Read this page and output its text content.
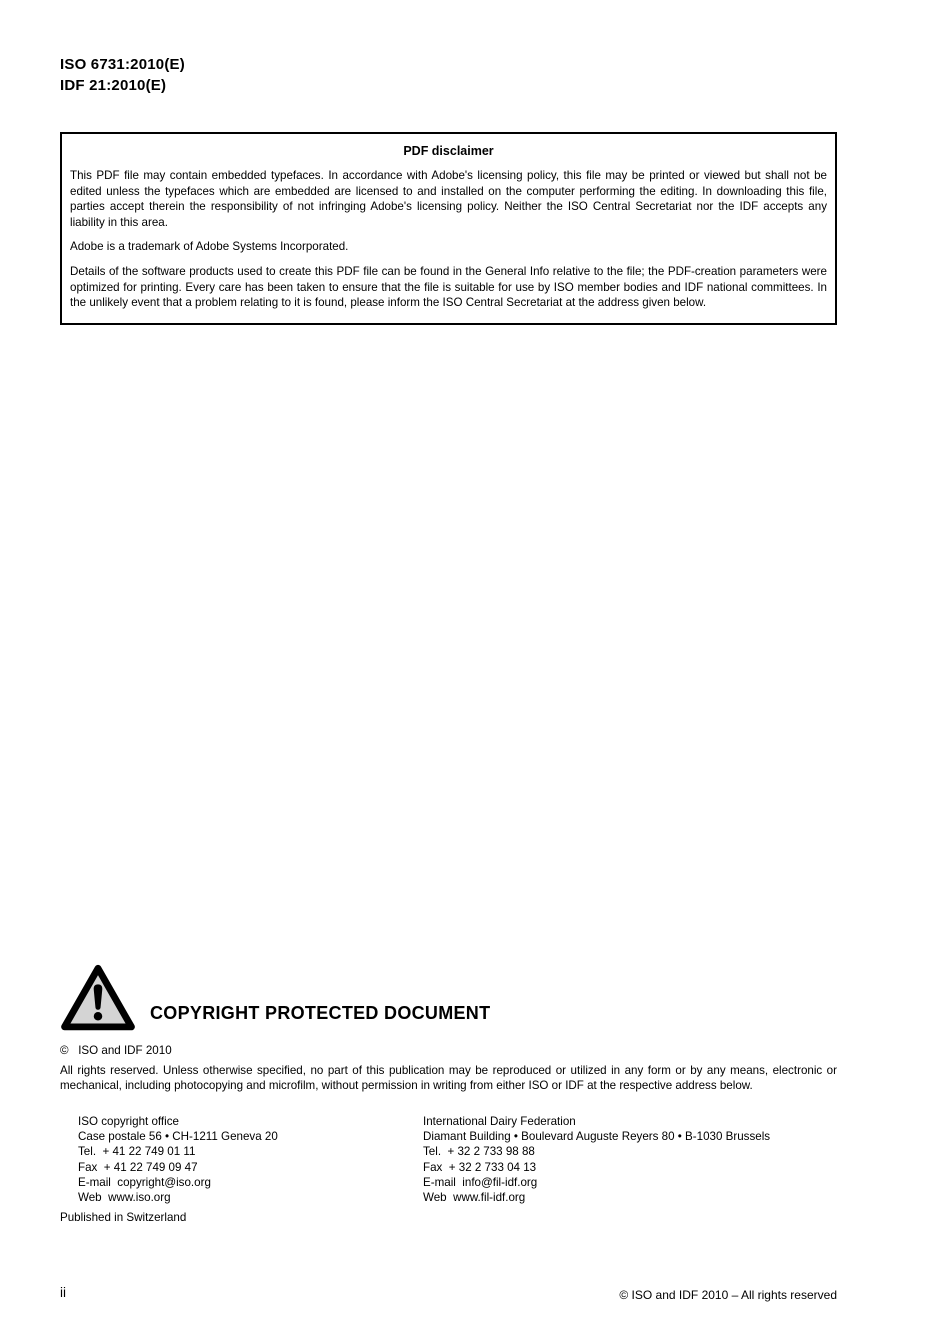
ISO 6731:2010(E)
IDF 21:2010(E)
PDF disclaimer

This PDF file may contain embedded typefaces. In accordance with Adobe's licensing policy, this file may be printed or viewed but shall not be edited unless the typefaces which are embedded are licensed to and installed on the computer performing the editing. In downloading this file, parties accept therein the responsibility of not infringing Adobe's licensing policy. Neither the ISO Central Secretariat nor the IDF accepts any liability in this area.

Adobe is a trademark of Adobe Systems Incorporated.

Details of the software products used to create this PDF file can be found in the General Info relative to the file; the PDF-creation parameters were optimized for printing. Every care has been taken to ensure that the file is suitable for use by ISO member bodies and IDF national committees. In the unlikely event that a problem relating to it is found, please inform the ISO Central Secretariat at the address given below.

COPYRIGHT PROTECTED DOCUMENT
©   ISO and IDF 2010

All rights reserved. Unless otherwise specified, no part of this publication may be reproduced or utilized in any form or by any means, electronic or mechanical, including photocopying and microfilm, without permission in writing from either ISO or IDF at the respective address below.

ISO copyright office
Case postale 56 • CH-1211 Geneva 20
Tel.  + 41 22 749 01 11
Fax  + 41 22 749 09 47
E-mail  copyright@iso.org
Web  www.iso.org
International Dairy Federation
Diamant Building • Boulevard Auguste Reyers 80 • B-1030 Brussels
Tel.  + 32 2 733 98 88
Fax  + 32 2 733 04 13
E-mail  info@fil-idf.org
Web  www.fil-idf.org
Published in Switzerland
ii	© ISO and IDF 2010 – All rights reserved
